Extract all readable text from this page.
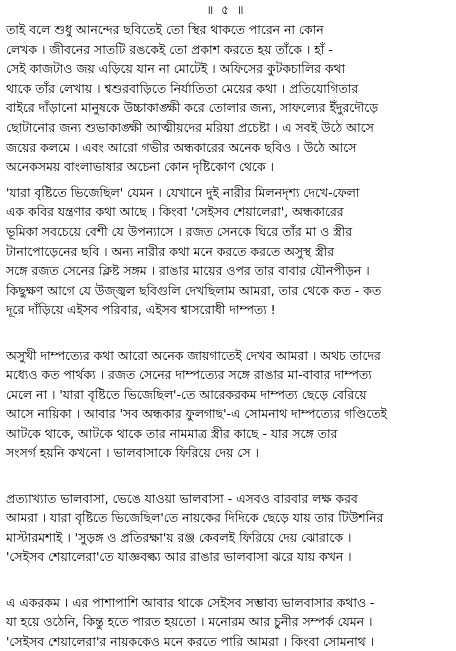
॥ ৫ ॥
তাই বলে শুধু আনন্দের ছবিতেই তো স্থির থাকতে পারেন না কোন
লেখক । জীবনের সাতটি রঙকেই তো প্রকাশ করতে হয় তাঁকে । হাঁ -
সেই কাজটাও জয় এড়িয়ে যান না মোটেই । অফিসের কুটকচালির কথা
থাকে তাঁর লেখায় । শ্বশুরবাড়িতে নির্যাতিতা মেয়ের কথা । প্রতিযোগিতার
বাইরে দাঁড়ানো মানুষকে উচ্চাকাঙ্ক্ষী করে তোলার জন্য, সাফল্যের ইঁদুরদৌড়ে
ছোটানোর জন্য শুভাকাঙ্ক্ষী আত্মীয়দের মরিয়া প্রচেষ্টা । এ সবই উঠে আসে
জয়ের কলমে । এবং আরো গভীর অন্ধকারের অনেক ছবিও । উঠে আসে
অনেকসময় বাংলাভাষার অচেনা কোন দৃষ্টিকোণ থেকে ।
'যারা বৃষ্টিতে ভিজেছিল' যেমন । যেখানে দুই নারীর মিলনদৃশ্য দেখে-ফেলা
এক কবির যন্ত্রণার কথা আছে । কিংবা 'সেইসব শেয়ালেরা', অন্ধকারের
ভূমিকা সবচেয়ে বেশী যে উপন্যাসে । রজত সেনকে ঘিরে তাঁর মা ও স্ত্রীর
টানাপোড়েনের ছবি । অন্য নারীর কথা মনে করতে করতে অসুস্থ স্ত্রীর
সঙ্গে রজত সেনের ক্লিষ্ট সঙ্গম । রাঙার মায়ের ওপর তার বাবার যৌনপীড়ন ।
কিছুক্ষণ আগে যে উজ্জ্বল ছবিগুলি দেখছিলাম আমরা, তার থেকে কত - কত
দূরে দাঁড়িয়ে এইসব পরিবার, এইসব শ্বাসরোধী দাম্পত্য !
অসুখী দাম্পত্যের কথা আরো অনেক জায়গাতেই দেখব আমরা । অথচ তাদের
মধ্যেও কত পার্থক্য । রজত সেনের দাম্পত্যের সঙ্গে রাঙার মা-বাবার দাম্পত্য
মেলে না । 'যারা বৃষ্টিতে ভিজেছিল'-তে আরেকরকম দাম্পত্য ছেড়ে বেরিয়ে
আসে নায়িকা । আবার 'সব অন্ধকার ফুলগাছ'-এ সোমনাথ দাম্পত্যের গণ্ডিতেই
আটকে থাকে, আটকে থাকে তার নামমাত্র স্ত্রীর কাছে - যার সঙ্গে তার
সংসর্গ হয়নি কখনো । ভালবাসাকে ফিরিয়ে দেয় সে ।
প্রত্যাখ্যাত ভালবাসা, ভেঙে যাওয়া ভালবাসা - এসবও বারবার লক্ষ করব
আমরা । যারা বৃষ্টিতে ভিজেছিল'তে নায়কের দিদিকে ছেড়ে যায় তার টিউশনির
মাস্টারমশাই । 'সুড়ঙ্গ ও প্রতিরক্ষা'য় রঞ্জ কেবলই ফিরিয়ে দেয় ঝোরাকে ।
'সেইসব শেয়ালেরা'তে যাজ্ঞবল্ক্য আর রাঙার ভালবাসা ঝরে যায় কখন ।
এ একরকম । এর পাশাপাশি আবার থাকে সেইসব সম্ভাব্য ভালবাসার কথাও -
যা হয়ে ওঠেনি, কিন্তু হতে পারত হয়তো । মনোরম আর চুনীর সম্পর্ক যেমন ।
'সেইসব শেয়ালেরা'র নায়ককেও মনে করতে পারি আমরা । কিংবা সোমনাথ ।
